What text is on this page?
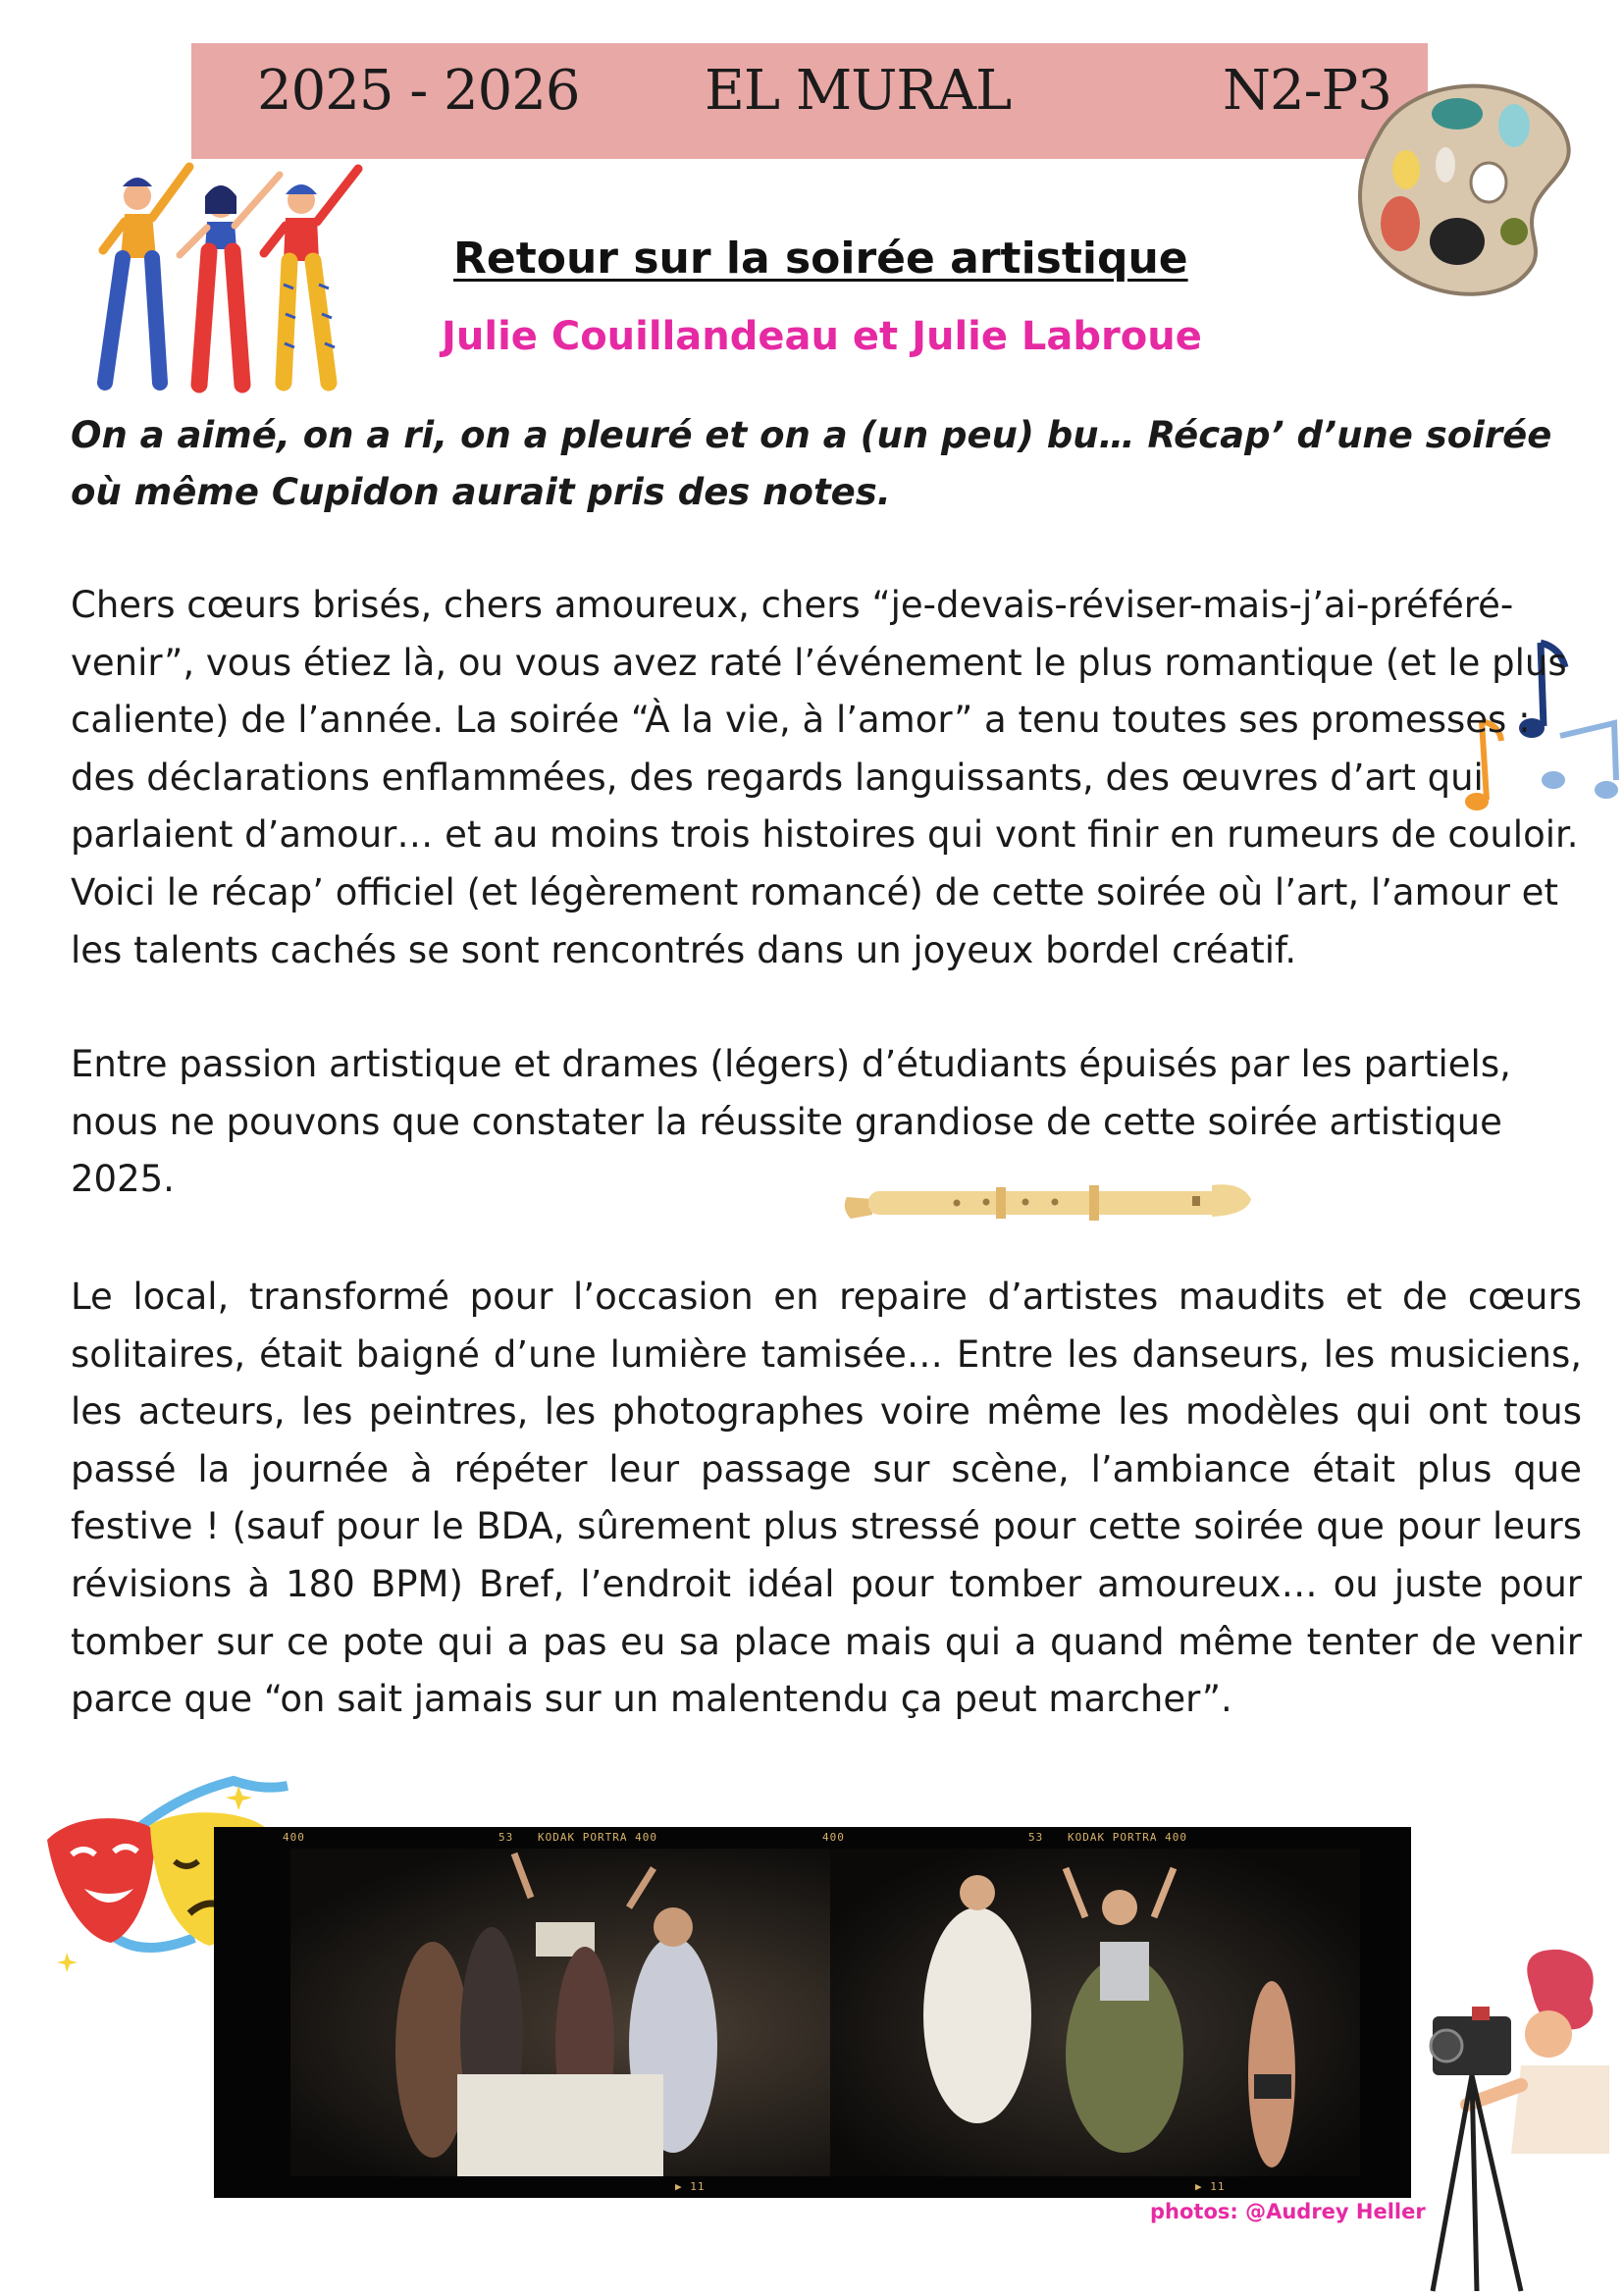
2025 - 2026 EL MURAL	N2-P3
Retour sur la soirée artistique
Julie Couillandeau et Julie Labroue
On a aimé, on a ri, on a pleuré et on a (un peu) bu… Récap’ d’une soirée où même Cupidon aurait pris des notes.

Chers cœurs brisés, chers amoureux, chers “je-devais-réviser-mais-j’ai-préféré-venir”, vous étiez là, ou vous avez raté l’événement le plus romantique (et le plus caliente) de l’année. La soirée “À la vie, à l’amor” a tenu toutes ses promesses : des déclarations enflammées, des regards languissants, des œuvres d’art qui parlaient d’amour… et au moins trois histoires qui vont finir en rumeurs de couloir. Voici le récap’ officiel (et légèrement romancé) de cette soirée où l’art, l’amour et les talents cachés se sont rencontrés dans un joyeux bordel créatif.

Entre passion artistique et drames (légers) d’étudiants épuisés par les partiels, nous ne pouvons que constater la réussite grandiose de cette soirée artistique 2025.

Le local, transformé pour l’occasion en repaire d’artistes maudits et de cœurs solitaires, était baigné d’une lumière tamisée… Entre les danseurs, les musiciens, les acteurs, les peintres, les photographes voire même les modèles qui ont tous passé la journée à répéter leur passage sur scène, l’ambiance était plus que festive ! (sauf pour le BDA, sûrement plus stressé pour cette soirée que pour leurs révisions à 180 BPM) Bref, l’endroit idéal pour tomber amoureux… ou juste pour tomber sur ce pote qui a pas eu sa place mais qui a quand même tenter de venir parce que “on sait jamais sur un malentendu ça peut marcher”.

400	53 KODAK PORTRA 400	400	53 KODAK PORTRA 400
▶ 11	▶ 11
photos: @Audrey Heller
